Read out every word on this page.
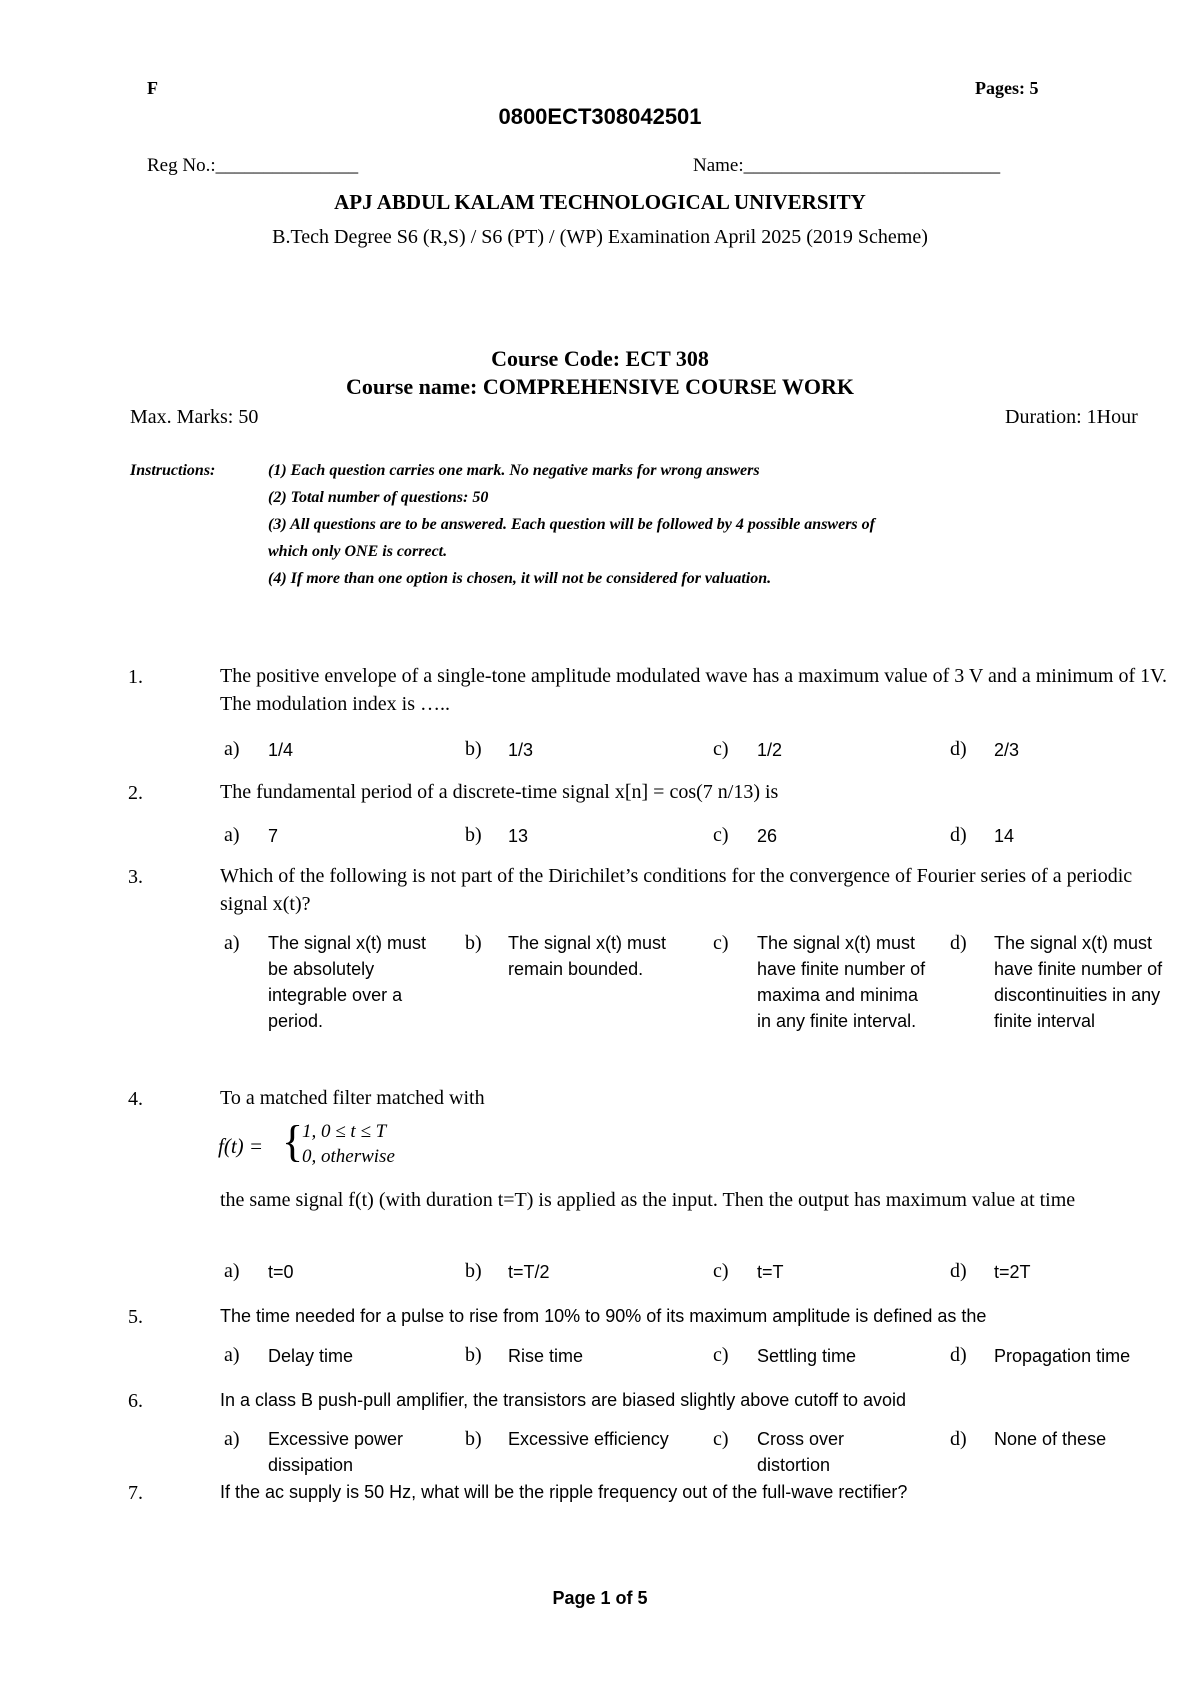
F	Pages: 5
0800ECT308042501
Reg No.:_______________	Name:___________________________
APJ ABDUL KALAM TECHNOLOGICAL UNIVERSITY
B.Tech Degree S6 (R,S) / S6 (PT) / (WP) Examination April 2025 (2019 Scheme)
Course Code: ECT 308
Course name: COMPREHENSIVE COURSE WORK
Max. Marks: 50	Duration: 1Hour
Instructions:	(1) Each question carries one mark. No negative marks for wrong answers
(2) Total number of questions: 50
(3) All questions are to be answered. Each question will be followed by 4 possible answers of
which only ONE is correct.
(4) If more than one option is chosen, it will not be considered for valuation.
1.	The positive envelope of a single-tone amplitude modulated wave has a maximum value of 3 V and a minimum of 1V. The modulation index is …..
a) 1/4	b) 1/3	c) 1/2	d) 2/3
2.	The fundamental period of a discrete-time signal x[n] = cos(7 n/13) is
a) 7	b) 13	c) 26	d) 14
3.	Which of the following is not part of the Dirichilet’s conditions for the convergence of Fourier series of a periodic signal x(t)?
a) The signal x(t) must be absolutely integrable over a period.
b) The signal x(t) must remain bounded.
c) The signal x(t) must have finite number of maxima and minima in any finite interval.
d) The signal x(t) must have finite number of discontinuities in any finite interval
4.	To a matched filter matched with
f(t) = {
1, 0 ≤ t ≤ T
0, otherwise
the same signal f(t) (with duration t=T) is applied as the input. Then the output has maximum value at time
a) t=0	b) t=T/2	c) t=T	d) t=2T
5.	The time needed for a pulse to rise from 10% to 90% of its maximum amplitude is defined as the
a) Delay time	b) Rise time	c) Settling time	d) Propagation time
6.	In a class B push-pull amplifier, the transistors are biased slightly above cutoff to avoid
a) Excessive power dissipation
b) Excessive efficiency	c) Cross over distortion
d) None of these
7.	If the ac supply is 50 Hz, what will be the ripple frequency out of the full-wave rectifier?
Page 1 of 5
